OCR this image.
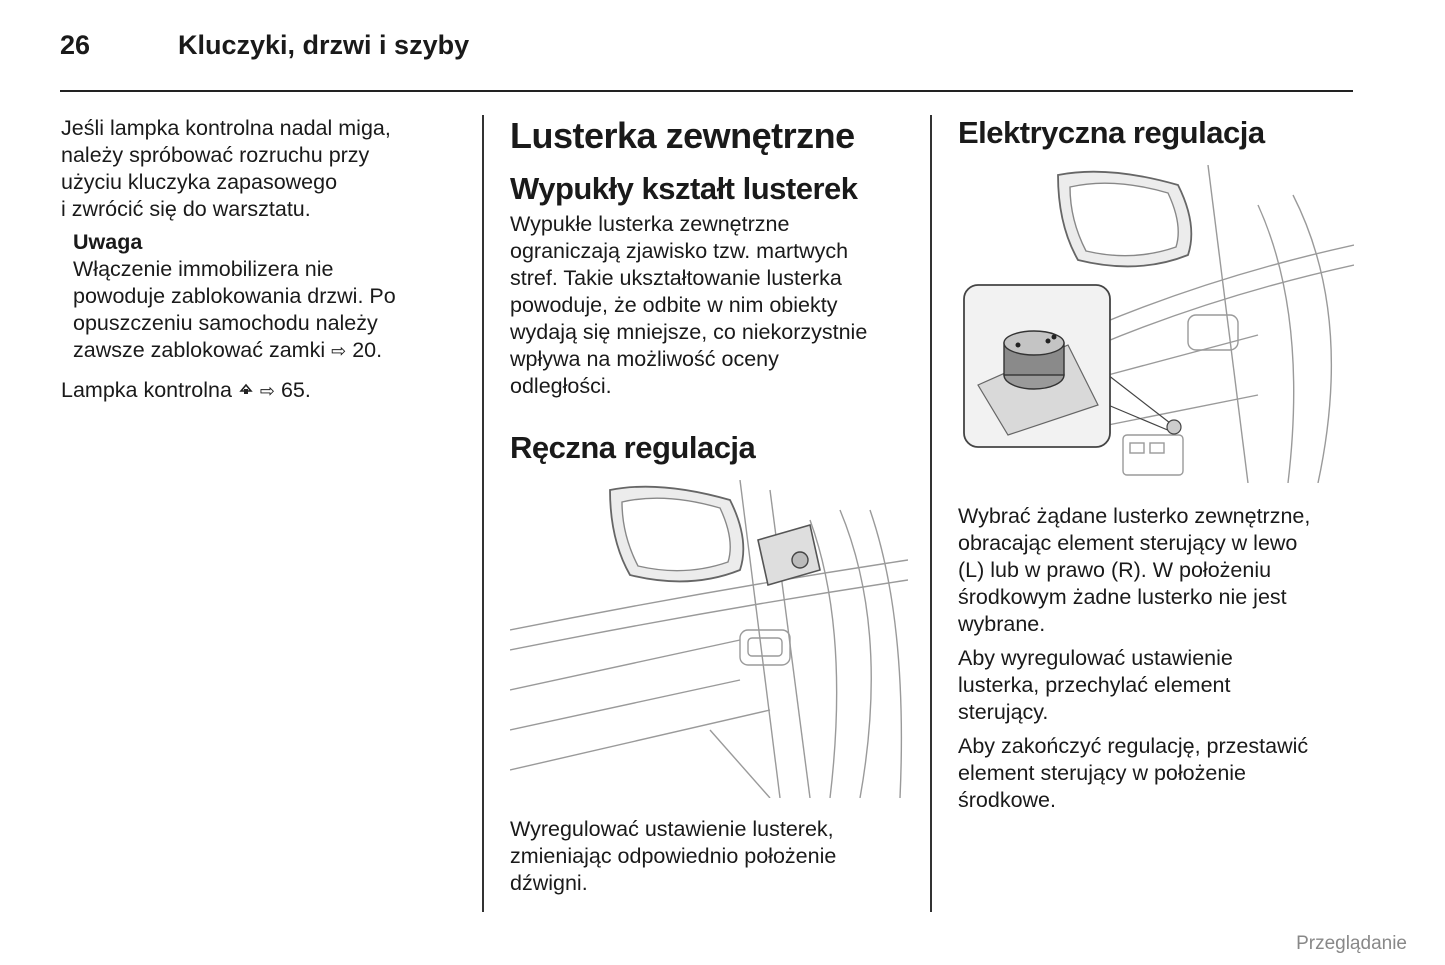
26	Kluczyki, drzwi i szyby

Jeśli lampka kontrolna nadal miga,

należy spróbować rozruchu przy

użyciu kluczyka zapasowego

i zwrócić się do warsztatu.

Uwaga

Włączenie immobilizera nie

powoduje zablokowania drzwi. Po

opuszczeniu samochodu należy

zawsze zablokować zamki ⇨ 20.

Lampka kontrolna ⇨ 65.

Lusterka zewnętrzne
Wypukły kształt lusterek

Wypukłe lusterka zewnętrzne

ograniczają zjawisko tzw. martwych

stref. Takie ukształtowanie lusterka

powoduje, że odbite w nim obiekty

wydają się mniejsze, co niekorzystnie

wpływa na możliwość oceny

odległości.

Ręczna regulacja

Wyregulować ustawienie lusterek,

zmieniając odpowiednio położenie

dźwigni.

Elektryczna regulacja

Wybrać żądane lusterko zewnętrzne,

obracając element sterujący w lewo

(L) lub w prawo (R). W położeniu

środkowym żadne lusterko nie jest

wybrane.

Aby wyregulować ustawienie

lusterka, przechylać element

sterujący.

Aby zakończyć regulację, przestawić

element sterujący w położenie

środkowe.

Przeglądanie
